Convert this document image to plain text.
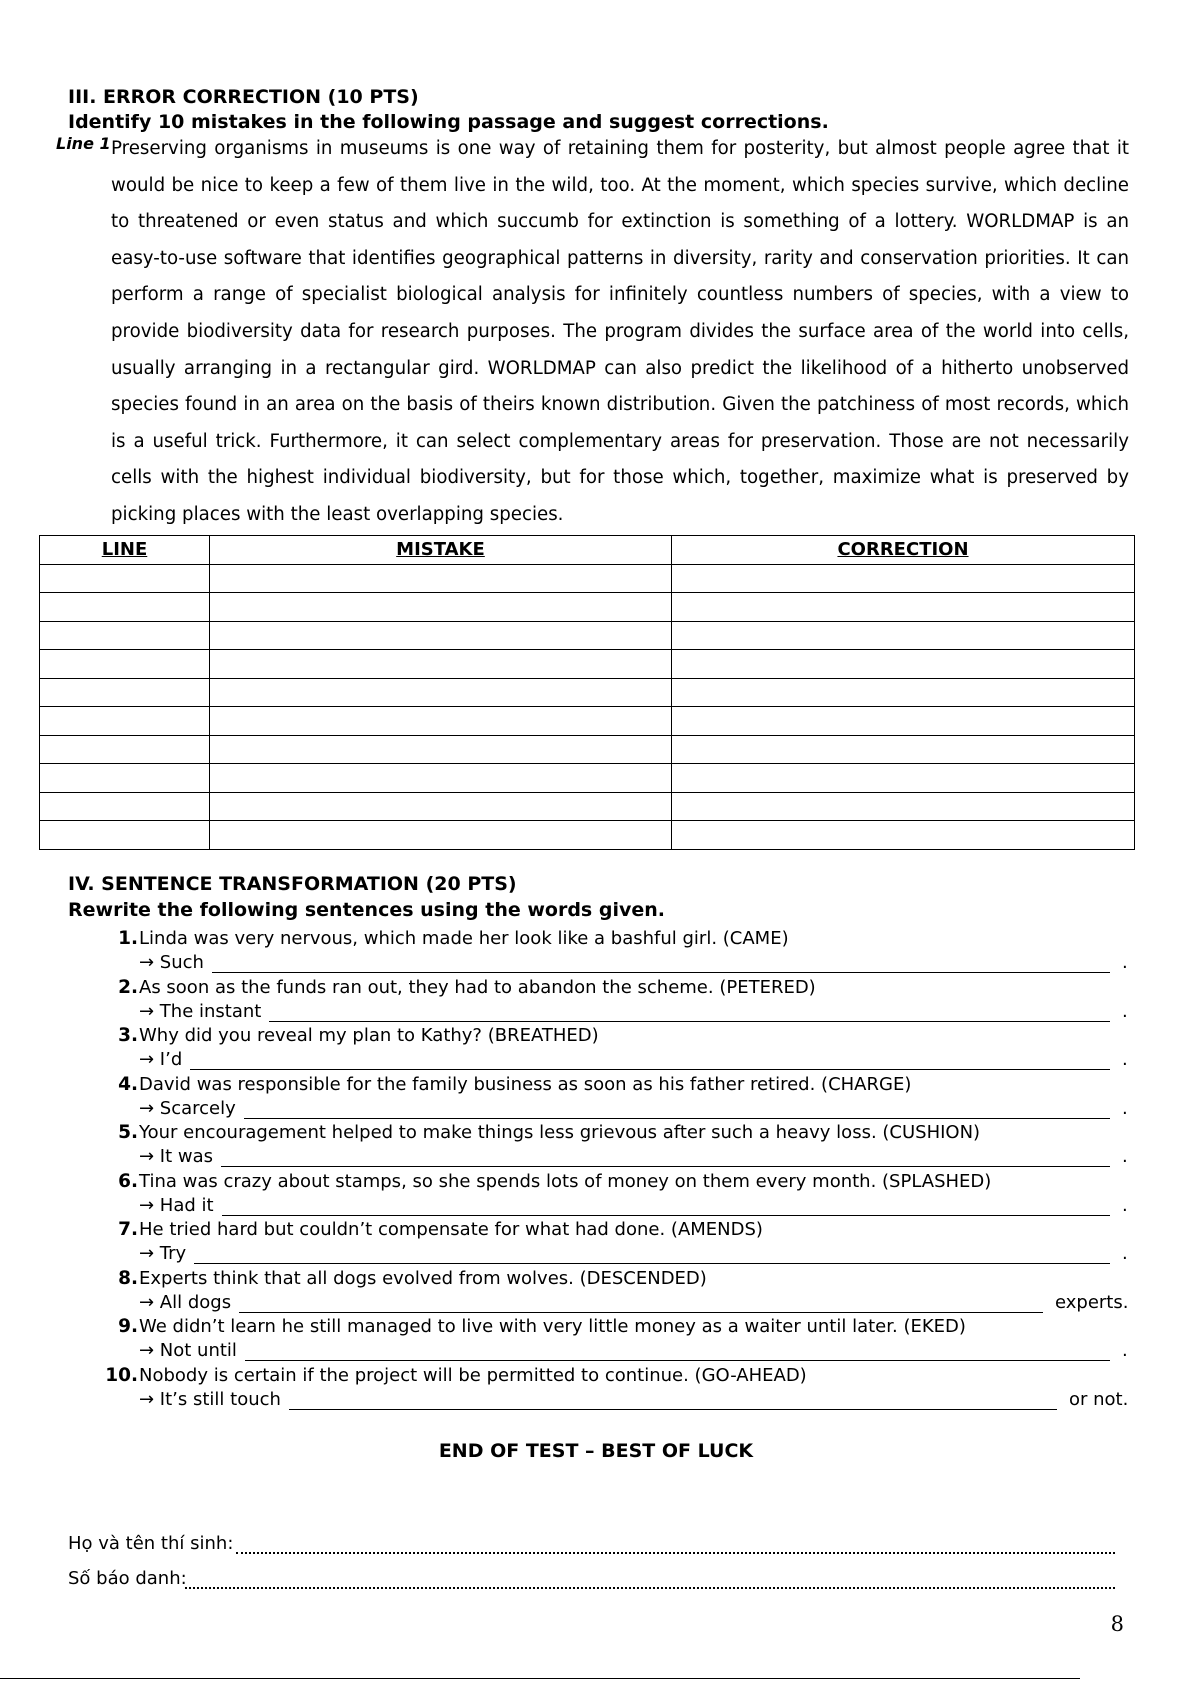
III. ERROR CORRECTION (10 PTS)
Identify 10 mistakes in the following passage and suggest corrections.
Line 1 Preserving organisms in museums is one way of retaining them for posterity, but almost people agree that it would be nice to keep a few of them live in the wild, too. At the moment, which species survive, which decline to threatened or even status and which succumb for extinction is something of a lottery. WORLDMAP is an easy-to-use software that identifies geographical patterns in diversity, rarity and conservation priorities. It can perform a range of specialist biological analysis for infinitely countless numbers of species, with a view to provide biodiversity data for research purposes. The program divides the surface area of the world into cells, usually arranging in a rectangular gird. WORLDMAP can also predict the likelihood of a hitherto unobserved species found in an area on the basis of theirs known distribution. Given the patchiness of most records, which is a useful trick. Furthermore, it can select complementary areas for preservation. Those are not necessarily cells with the highest individual biodiversity, but for those which, together, maximize what is preserved by picking places with the least overlapping species.

LINE	MISTAKE	CORRECTION

IV. SENTENCE TRANSFORMATION (20 PTS)
Rewrite the following sentences using the words given.
1. Linda was very nervous, which made her look like a bashful girl. (CAME)
→ Such	.
2. As soon as the funds ran out, they had to abandon the scheme. (PETERED)
→ The instant	.
3. Why did you reveal my plan to Kathy? (BREATHED)
→ I’d	.
4. David was responsible for the family business as soon as his father retired. (CHARGE)
→ Scarcely	.
5. Your encouragement helped to make things less grievous after such a heavy loss. (CUSHION)
→ It was	.
6. Tina was crazy about stamps, so she spends lots of money on them every month. (SPLASHED)
→ Had it	.
7. He tried hard but couldn’t compensate for what had done. (AMENDS)
→ Try	.
8. Experts think that all dogs evolved from wolves. (DESCENDED)
→ All dogs	experts.
9. We didn’t learn he still managed to live with very little money as a waiter until later. (EKED)
→ Not until	.
10. Nobody is certain if the project will be permitted to continue. (GO-AHEAD)
→ It’s still touch	or not.
END OF TEST – BEST OF LUCK
Họ và tên thí sinh:
Số báo danh:
8
